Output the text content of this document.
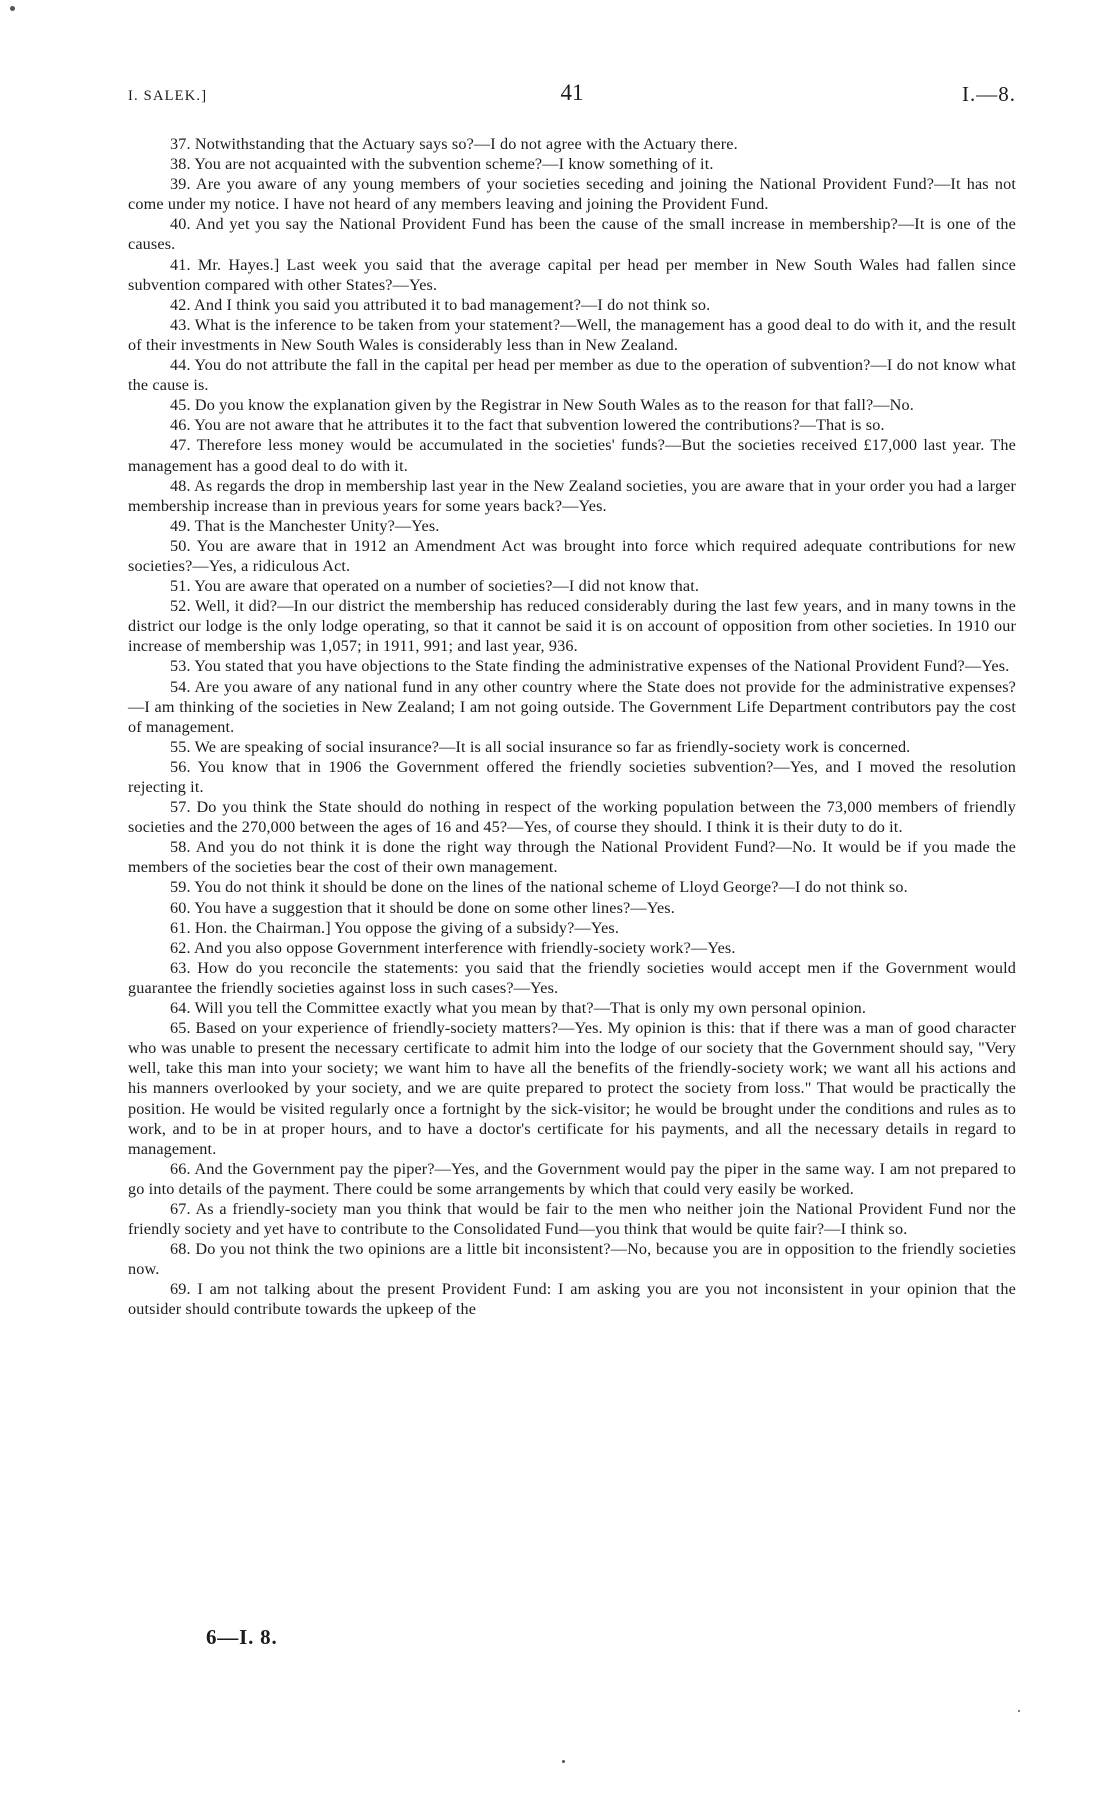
I. SALEK.]	41	I.—8.

37. Notwithstanding that the Actuary says so?—I do not agree with the Actuary there.

38. You are not acquainted with the subvention scheme?—I know something of it.

39. Are you aware of any young members of your societies seceding and joining the National Provident Fund?—It has not come under my notice. I have not heard of any members leaving and joining the Provident Fund.

40. And yet you say the National Provident Fund has been the cause of the small increase in membership?—It is one of the causes.

41. Mr. Hayes.] Last week you said that the average capital per head per member in New South Wales had fallen since subvention compared with other States?—Yes.

42. And I think you said you attributed it to bad management?—I do not think so.

43. What is the inference to be taken from your statement?—Well, the management has a good deal to do with it, and the result of their investments in New South Wales is considerably less than in New Zealand.

44. You do not attribute the fall in the capital per head per member as due to the operation of subvention?—I do not know what the cause is.

45. Do you know the explanation given by the Registrar in New South Wales as to the reason for that fall?—No.

46. You are not aware that he attributes it to the fact that subvention lowered the contributions?—That is so.

47. Therefore less money would be accumulated in the societies' funds?—But the societies received £17,000 last year. The management has a good deal to do with it.

48. As regards the drop in membership last year in the New Zealand societies, you are aware that in your order you had a larger membership increase than in previous years for some years back?—Yes.

49. That is the Manchester Unity?—Yes.

50. You are aware that in 1912 an Amendment Act was brought into force which required adequate contributions for new societies?—Yes, a ridiculous Act.

51. You are aware that operated on a number of societies?—I did not know that.

52. Well, it did?—In our district the membership has reduced considerably during the last few years, and in many towns in the district our lodge is the only lodge operating, so that it cannot be said it is on account of opposition from other societies. In 1910 our increase of membership was 1,057; in 1911, 991; and last year, 936.

53. You stated that you have objections to the State finding the administrative expenses of the National Provident Fund?—Yes.

54. Are you aware of any national fund in any other country where the State does not provide for the administrative expenses?—I am thinking of the societies in New Zealand; I am not going outside. The Government Life Department contributors pay the cost of management.

55. We are speaking of social insurance?—It is all social insurance so far as friendly-society work is concerned.

56. You know that in 1906 the Government offered the friendly societies subvention?—Yes, and I moved the resolution rejecting it.

57. Do you think the State should do nothing in respect of the working population between the 73,000 members of friendly societies and the 270,000 between the ages of 16 and 45?—Yes, of course they should. I think it is their duty to do it.

58. And you do not think it is done the right way through the National Provident Fund?—No. It would be if you made the members of the societies bear the cost of their own management.

59. You do not think it should be done on the lines of the national scheme of Lloyd George?—I do not think so.

60. You have a suggestion that it should be done on some other lines?—Yes.

61. Hon. the Chairman.] You oppose the giving of a subsidy?—Yes.

62. And you also oppose Government interference with friendly-society work?—Yes.

63. How do you reconcile the statements: you said that the friendly societies would accept men if the Government would guarantee the friendly societies against loss in such cases?—Yes.

64. Will you tell the Committee exactly what you mean by that?—That is only my own personal opinion.

65. Based on your experience of friendly-society matters?—Yes. My opinion is this: that if there was a man of good character who was unable to present the necessary certificate to admit him into the lodge of our society that the Government should say, "Very well, take this man into your society; we want him to have all the benefits of the friendly-society work; we want all his actions and his manners overlooked by your society, and we are quite prepared to protect the society from loss." That would be practically the position. He would be visited regularly once a fortnight by the sick-visitor; he would be brought under the conditions and rules as to work, and to be in at proper hours, and to have a doctor's certificate for his payments, and all the necessary details in regard to management.

66. And the Government pay the piper?—Yes, and the Government would pay the piper in the same way. I am not prepared to go into details of the payment. There could be some arrangements by which that could very easily be worked.

67. As a friendly-society man you think that would be fair to the men who neither join the National Provident Fund nor the friendly society and yet have to contribute to the Consolidated Fund—you think that would be quite fair?—I think so.

68. Do you not think the two opinions are a little bit inconsistent?—No, because you are in opposition to the friendly societies now.

69. I am not talking about the present Provident Fund: I am asking you are you not inconsistent in your opinion that the outsider should contribute towards the upkeep of the

6—I. 8.
